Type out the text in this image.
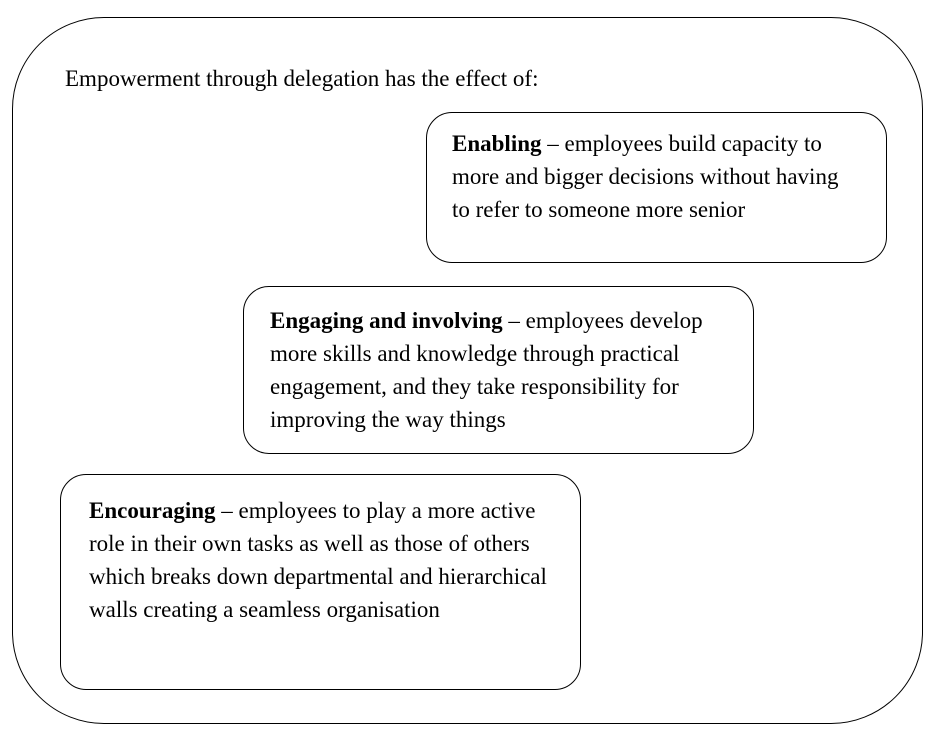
Empowerment through delegation has the effect of:

Enabling – employees build capacity to more and bigger decisions without having to refer to someone more senior

Engaging and involving – employees develop more skills and knowledge through practical engagement, and they take responsibility for improving the way things

Encouraging – employees to play a more active role in their own tasks as well as those of others which breaks down departmental and hierarchical walls creating a seamless organisation
